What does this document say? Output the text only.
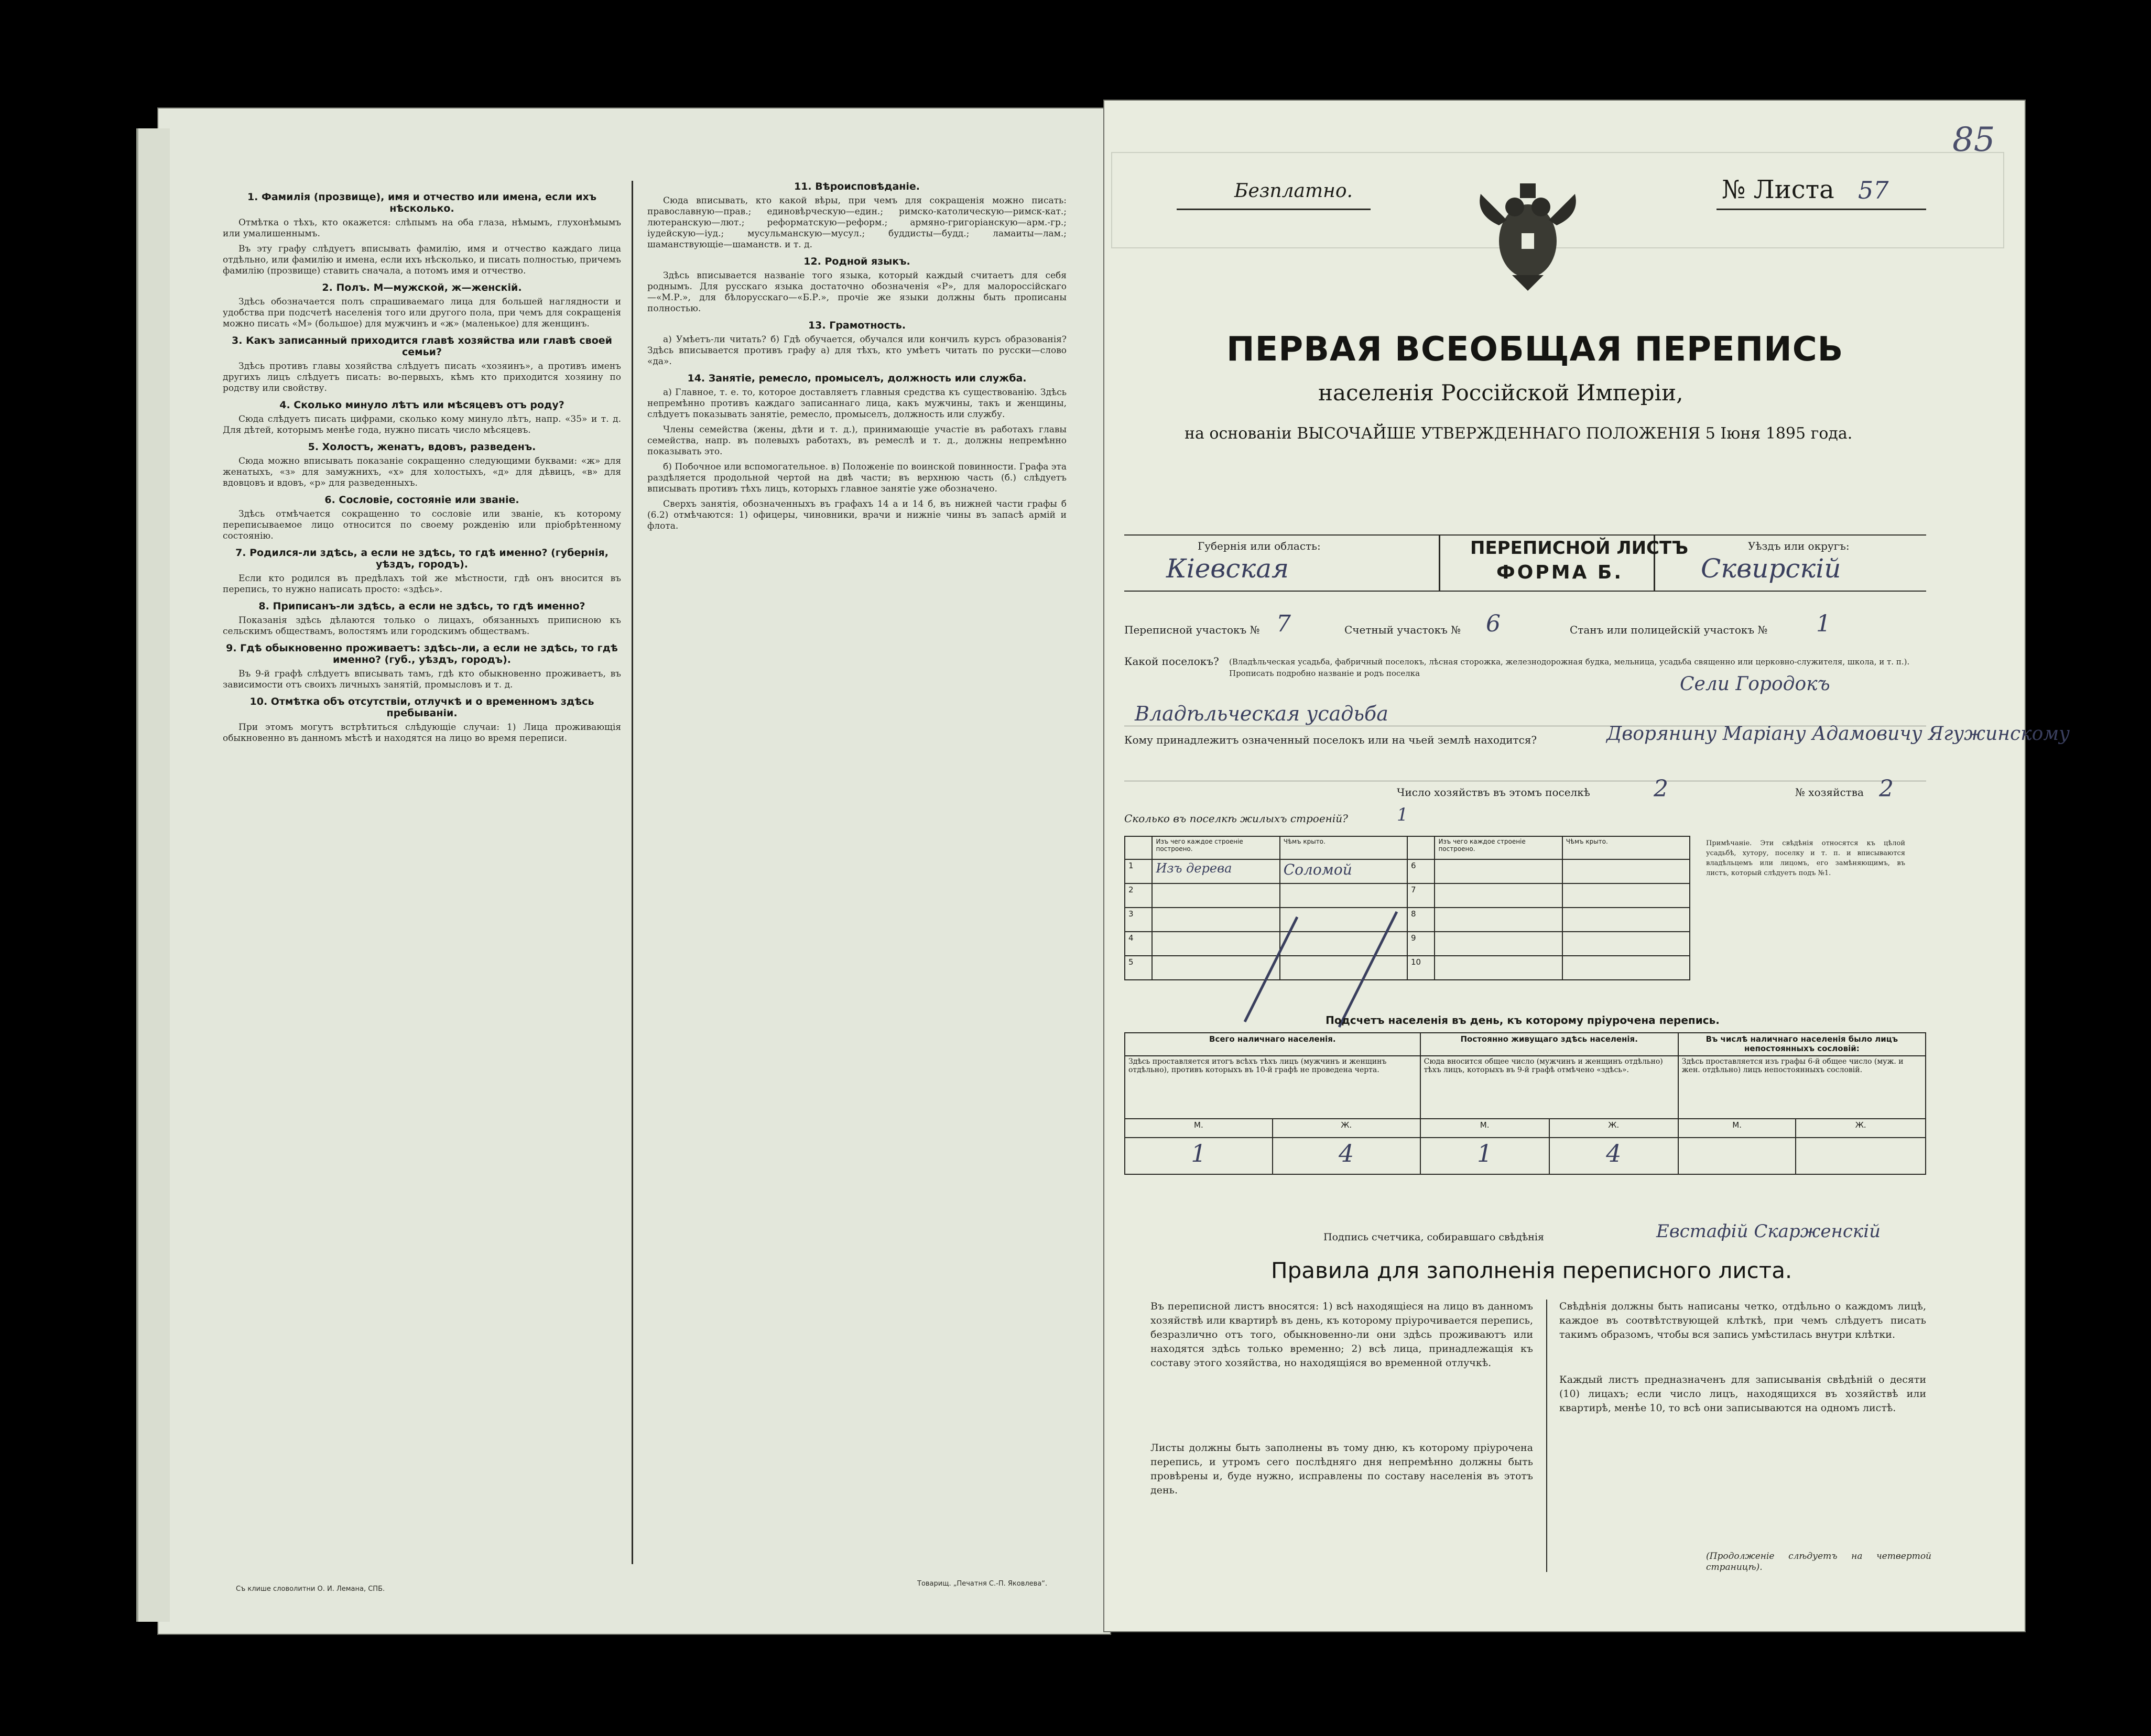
1. Фамилія (прозвище), имя и отчество или имена, если ихъ нѣсколько.
Отмѣтка о тѣхъ, кто окажется: слѣпымъ на оба глаза, нѣмымъ, глухонѣмымъ или умалишеннымъ.
Въ эту графу слѣдуетъ вписывать фамилію, имя и отчество каждаго лица отдѣльно, или фамилію и имена, если ихъ нѣсколько, и писать полностью, причемъ фамилію (прозвище) ставить сначала, а потомъ имя и отчество.
2. Полъ. М—мужской, ж—женскій.
Здѣсь обозначается полъ спрашиваемаго лица для большей наглядности и удобства при подсчетѣ населенія того или другого пола, при чемъ для сокращенія можно писать «М» (большое) для мужчинъ и «ж» (маленькое) для женщинъ.
3. Какъ записанный приходится главѣ хозяйства или главѣ своей семьи?
Здѣсь противъ главы хозяйства слѣдуетъ писать «хозяинъ», а противъ именъ другихъ лицъ слѣдуетъ писать: во-первыхъ, кѣмъ кто приходится хозяину по родству или свойству.
4. Сколько минуло лѣтъ или мѣсяцевъ отъ роду?
Сюда слѣдуетъ писать цифрами, сколько кому минуло лѣтъ, напр. «35» и т. д. Для дѣтей, которымъ менѣе года, нужно писать число мѣсяцевъ.
5. Холостъ, женатъ, вдовъ, разведенъ.
Сюда можно вписывать показаніе сокращенно следующими буквами: «ж» для женатыхъ, «з» для замужнихъ, «х» для холостыхъ, «д» для дѣвицъ, «в» для вдовцовъ и вдовъ, «р» для разведенныхъ.
6. Сословіе, состояніе или званіе.
Здѣсь отмѣчается сокращенно то сословіе или званіе, къ которому переписываемое лицо относится по своему рожденію или пріобрѣтенному состоянію.
7. Родился-ли здѣсь, а если не здѣсь, то гдѣ именно? (губернія, уѣздъ, городъ).
Если кто родился въ предѣлахъ той же мѣстности, гдѣ онъ вносится въ перепись, то нужно написать просто: «здѣсь».
8. Приписанъ-ли здѣсь, а если не здѣсь, то гдѣ именно?
Показанія здѣсь дѣлаются только о лицахъ, обязанныхъ приписною къ сельскимъ обществамъ, волостямъ или городскимъ обществамъ.
9. Гдѣ обыкновенно проживаетъ: здѣсь-ли, а если не здѣсь, то гдѣ именно? (губ., уѣздъ, городъ).
Въ 9-й графѣ слѣдуетъ вписывать тамъ, гдѣ кто обыкновенно проживаетъ, въ зависимости отъ своихъ личныхъ занятій, промысловъ и т. д.
10. Отмѣтка объ отсутствіи, отлучкѣ и о временномъ здѣсь пребываніи.
При этомъ могутъ встрѣтиться слѣдующіе случаи: 1) Лица проживающія обыкновенно въ данномъ мѣстѣ и находятся на лицо во время переписи.
11. Вѣроисповѣданіе.
Сюда вписывать, кто какой вѣры, при чемъ для сокращенія можно писать: православную—прав.; единовѣрческую—един.; римско-католическую—римск-кат.; лютеранскую—лют.; реформатскую—реформ.; армяно-григоріанскую—арм.-гр.; іудейскую—іуд.; мусульманскую—мусул.; буддисты—будд.; ламаиты—лам.; шаманствующіе—шаманств. и т. д.
12. Родной языкъ.
Здѣсь вписывается названіе того языка, который каждый считаетъ для себя роднымъ. Для русскаго языка достаточно обозначенія «Р», для малороссійскаго—«М.Р.», для бѣлорусскаго—«Б.Р.», прочіе же языки должны быть прописаны полностью.
13. Грамотность.
а) Умѣетъ-ли читать? б) Гдѣ обучается, обучался или кончилъ курсъ образованія? Здѣсь вписывается противъ графу а) для тѣхъ, кто умѣетъ читать по русски—слово «да».
14. Занятіе, ремесло, промыселъ, должность или служба.
а) Главное, т. е. то, которое доставляетъ главныя средства къ существованію. Здѣсь непремѣнно противъ каждаго записаннаго лица, какъ мужчины, такъ и женщины, слѣдуетъ показывать занятіе, ремесло, промыселъ, должность или службу.
Члены семейства (жены, дѣти и т. д.), принимающіе участіе въ работахъ главы семейства, напр. въ полевыхъ работахъ, въ ремеслѣ и т. д., должны непремѣнно показывать это.
б) Побочное или вспомогательное. в) Положеніе по воинской повинности. Графа эта раздѣляется продольной чертой на двѣ части; въ верхнюю часть (б.) слѣдуетъ вписывать противъ тѣхъ лицъ, которыхъ главное занятіе уже обозначено.
Сверхъ занятія, обозначенныхъ въ графахъ 14 а и 14 б, въ нижней части графы б (6.2) отмѣчаются: 1) офицеры, чиновники, врачи и нижніе чины въ запасѣ армій и флота.
Съ клише словолитни О. И. Лемана, СПБ.
Товарищ. „Печатня С.-П. Яковлева“.
85
Безплатно.	№ Листа 57
ПЕРВАЯ ВСЕОБЩАЯ ПЕРЕПИСЬ
населенія Россійской Имперіи,
на основаніи ВЫСОЧАЙШЕ УТВЕРЖДЕННАГО ПОЛОЖЕНІЯ 5 Іюня 1895 года.
Губернія или область:
Кіевская
ПЕРЕПИСНОЙ ЛИСТЪ
ФОРМА Б.
Уѣздъ или округъ:
Сквирскій
Переписной участокъ № 7	Счетный участокъ № 6	Станъ или полицейскій участокъ № 1
Какой поселокъ? (Владѣльческая усадьба, фабричный поселокъ, лѣсная сторожка, железнодорожная будка, мельница, усадьба священно или церковно-служителя, школа, и т. п.). Прописать подробно названіе и родъ поселка	Сели Городокъ
Владѣльческая усадьба
Кому принадлежитъ означенный поселокъ или на чьей землѣ находится?	Дворянину Маріану Адамовичу Ягужинскому
Число хозяйствъ въ этомъ поселкѣ	2	№ хозяйства 2
Сколько въ поселкѣ жилыхъ строеній?	1
	Изъ чего каждое строеніе построено.	Чѣмъ крыто.		Изъ чего каждое строеніе построено.	Чѣмъ крыто.
1	Изъ дерева	Соломой	6		
2			7		
3			8		
4			9		
5			10		
Примѣчаніе. Эти свѣдѣнія относятся къ цѣлой усадьбѣ, хутору, поселку и т. п. и вписываются владѣльцемъ или лицомъ, его замѣняющимъ, въ листъ, который слѣдуетъ подъ №1.
Подсчетъ населенія въ день, къ которому пріурочена перепись.
Всего наличнаго населенія.		Постоянно живущаго здѣсь населенія.		Въ числѣ наличнаго населенія было лицъ непостоянныхъ сословій:	
Здѣсь проставляется итогъ всѣхъ тѣхъ лицъ (мужчинъ и женщинъ отдѣльно), противъ которыхъ въ 10-й графѣ не проведена черта.		Сюда вносится общее число (мужчинъ и женщинъ отдѣльно) тѣхъ лицъ, которыхъ въ 9-й графѣ отмѣчено «здѣсь».		Здѣсь проставляется изъ графы 6-й общее число (муж. и жен. отдѣльно) лицъ непостоянныхъ сословій.	
М.	Ж.	М.	Ж.	М.	Ж.
1	4	1	4		
Подпись счетчика, собиравшаго свѣдѣнія	Евстафій Скарженскій
Правила для заполненія переписного листа.
Въ переписной листъ вносятся: 1) всѣ находящіеся на лицо въ данномъ хозяйствѣ или квартирѣ въ день, къ которому пріурочивается перепись, безразлично отъ того, обыкновенно-ли они здѣсь проживаютъ или находятся здѣсь только временно; 2) всѣ лица, принадлежащія къ составу этого хозяйства, но находящіяся во временной отлучкѣ.
Листы должны быть заполнены въ тому дню, къ которому пріурочена перепись, и утромъ сего послѣдняго дня непремѣнно должны быть провѣрены и, буде нужно, исправлены по составу населенія въ этотъ день.
Свѣдѣнія должны быть написаны четко, отдѣльно о каждомъ лицѣ, каждое въ соотвѣтствующей клѣткѣ, при чемъ слѣдуетъ писать такимъ образомъ, чтобы вся запись умѣстилась внутри клѣтки.
Каждый листъ предназначенъ для записыванія свѣдѣній о десяти (10) лицахъ; если число лицъ, находящихся въ хозяйствѣ или квартирѣ, менѣе 10, то всѣ они записываются на одномъ листѣ.
(Продолженіе слѣдуетъ на четвертой страницѣ).
